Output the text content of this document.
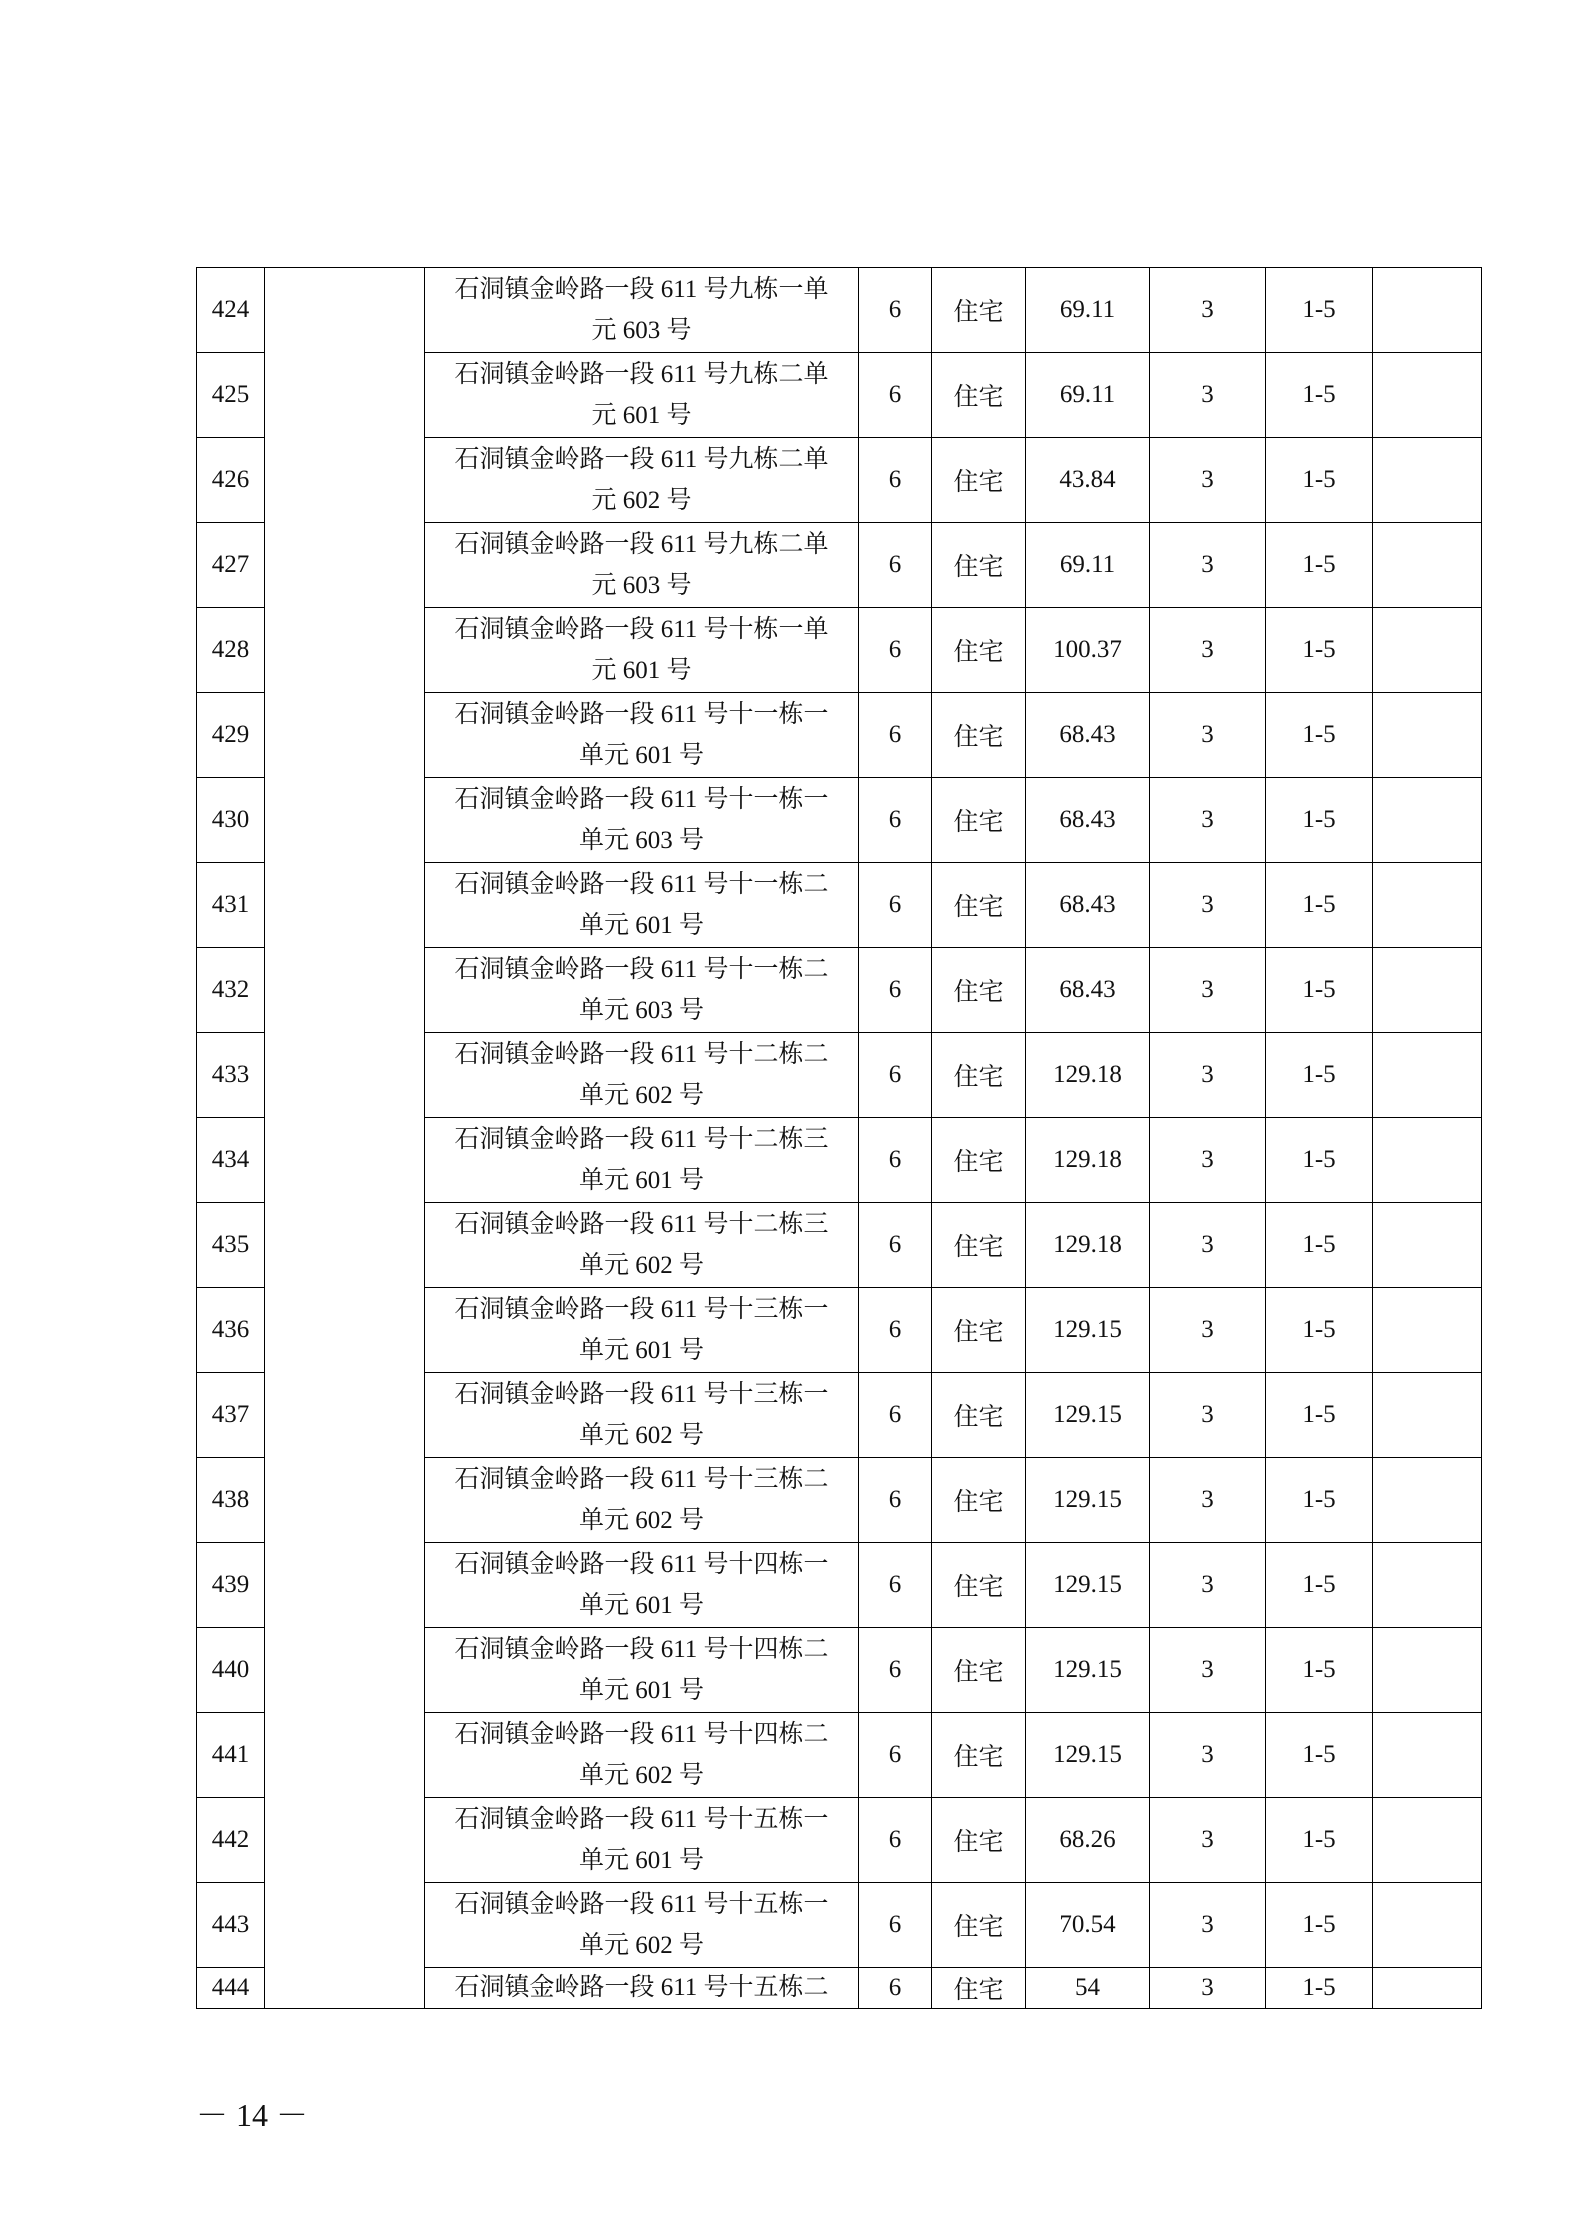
424		石洞镇金岭路一段 611 号九栋一单
元 603 号	6	住宅	69.11	3	1-5	
425		石洞镇金岭路一段 611 号九栋二单
元 601 号	6	住宅	69.11	3	1-5	
426		石洞镇金岭路一段 611 号九栋二单
元 602 号	6	住宅	43.84	3	1-5	
427		石洞镇金岭路一段 611 号九栋二单
元 603 号	6	住宅	69.11	3	1-5	
428		石洞镇金岭路一段 611 号十栋一单
元 601 号	6	住宅	100.37	3	1-5	
429		石洞镇金岭路一段 611 号十一栋一
单元 601 号	6	住宅	68.43	3	1-5	
430		石洞镇金岭路一段 611 号十一栋一
单元 603 号	6	住宅	68.43	3	1-5	
431		石洞镇金岭路一段 611 号十一栋二
单元 601 号	6	住宅	68.43	3	1-5	
432		石洞镇金岭路一段 611 号十一栋二
单元 603 号	6	住宅	68.43	3	1-5	
433		石洞镇金岭路一段 611 号十二栋二
单元 602 号	6	住宅	129.18	3	1-5	
434		石洞镇金岭路一段 611 号十二栋三
单元 601 号	6	住宅	129.18	3	1-5	
435		石洞镇金岭路一段 611 号十二栋三
单元 602 号	6	住宅	129.18	3	1-5	
436		石洞镇金岭路一段 611 号十三栋一
单元 601 号	6	住宅	129.15	3	1-5	
437		石洞镇金岭路一段 611 号十三栋一
单元 602 号	6	住宅	129.15	3	1-5	
438		石洞镇金岭路一段 611 号十三栋二
单元 602 号	6	住宅	129.15	3	1-5	
439		石洞镇金岭路一段 611 号十四栋一
单元 601 号	6	住宅	129.15	3	1-5	
440		石洞镇金岭路一段 611 号十四栋二
单元 601 号	6	住宅	129.15	3	1-5	
441		石洞镇金岭路一段 611 号十四栋二
单元 602 号	6	住宅	129.15	3	1-5	
442		石洞镇金岭路一段 611 号十五栋一
单元 601 号	6	住宅	68.26	3	1-5	
443		石洞镇金岭路一段 611 号十五栋一
单元 602 号	6	住宅	70.54	3	1-5	
444		石洞镇金岭路一段 611 号十五栋二	6	住宅	54	3	1-5	
－ 14 －
